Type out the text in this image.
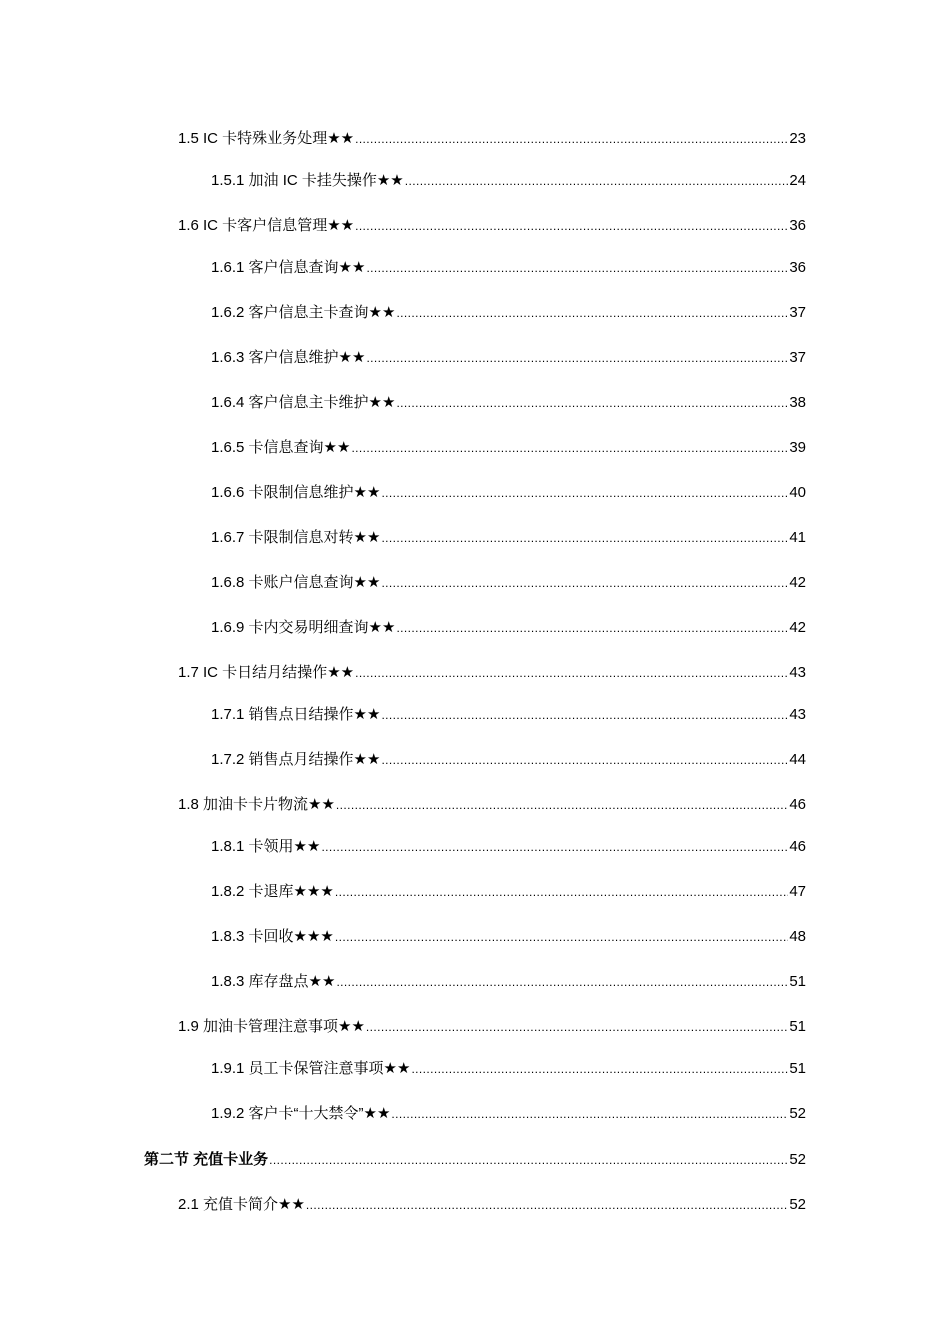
1.5 IC 卡特殊业务处理★★ .....	23
1.5.1 加油 IC 卡挂失操作★★ .....	24
1.6 IC 卡客户信息管理★★ .....	36
1.6.1 客户信息查询★★ .....	36
1.6.2 客户信息主卡查询★★ .....	37
1.6.3 客户信息维护★★ .....	37
1.6.4 客户信息主卡维护★★ .....	38
1.6.5 卡信息查询★★ .....	39
1.6.6 卡限制信息维护★★ .....	40
1.6.7 卡限制信息对转★★ .....	41
1.6.8 卡账户信息查询★★ .....	42
1.6.9 卡内交易明细查询★★ .....	42
1.7 IC 卡日结月结操作★★ .....	43
1.7.1 销售点日结操作★★ .....	43
1.7.2 销售点月结操作★★ .....	44
1.8 加油卡卡片物流★★ .....	46
1.8.1 卡领用★★ .....	46
1.8.2 卡退库★★★ .....	47
1.8.3 卡回收★★★ .....	48
1.8.3 库存盘点★★ .....	51
1.9 加油卡管理注意事项★★ .....	51
1.9.1 员工卡保管注意事项★★ .....	51
1.9.2 客户卡“十大禁令”★★ .....	52
第二节 充值卡业务 .....	52
2.1 充值卡简介★★ .....	52
